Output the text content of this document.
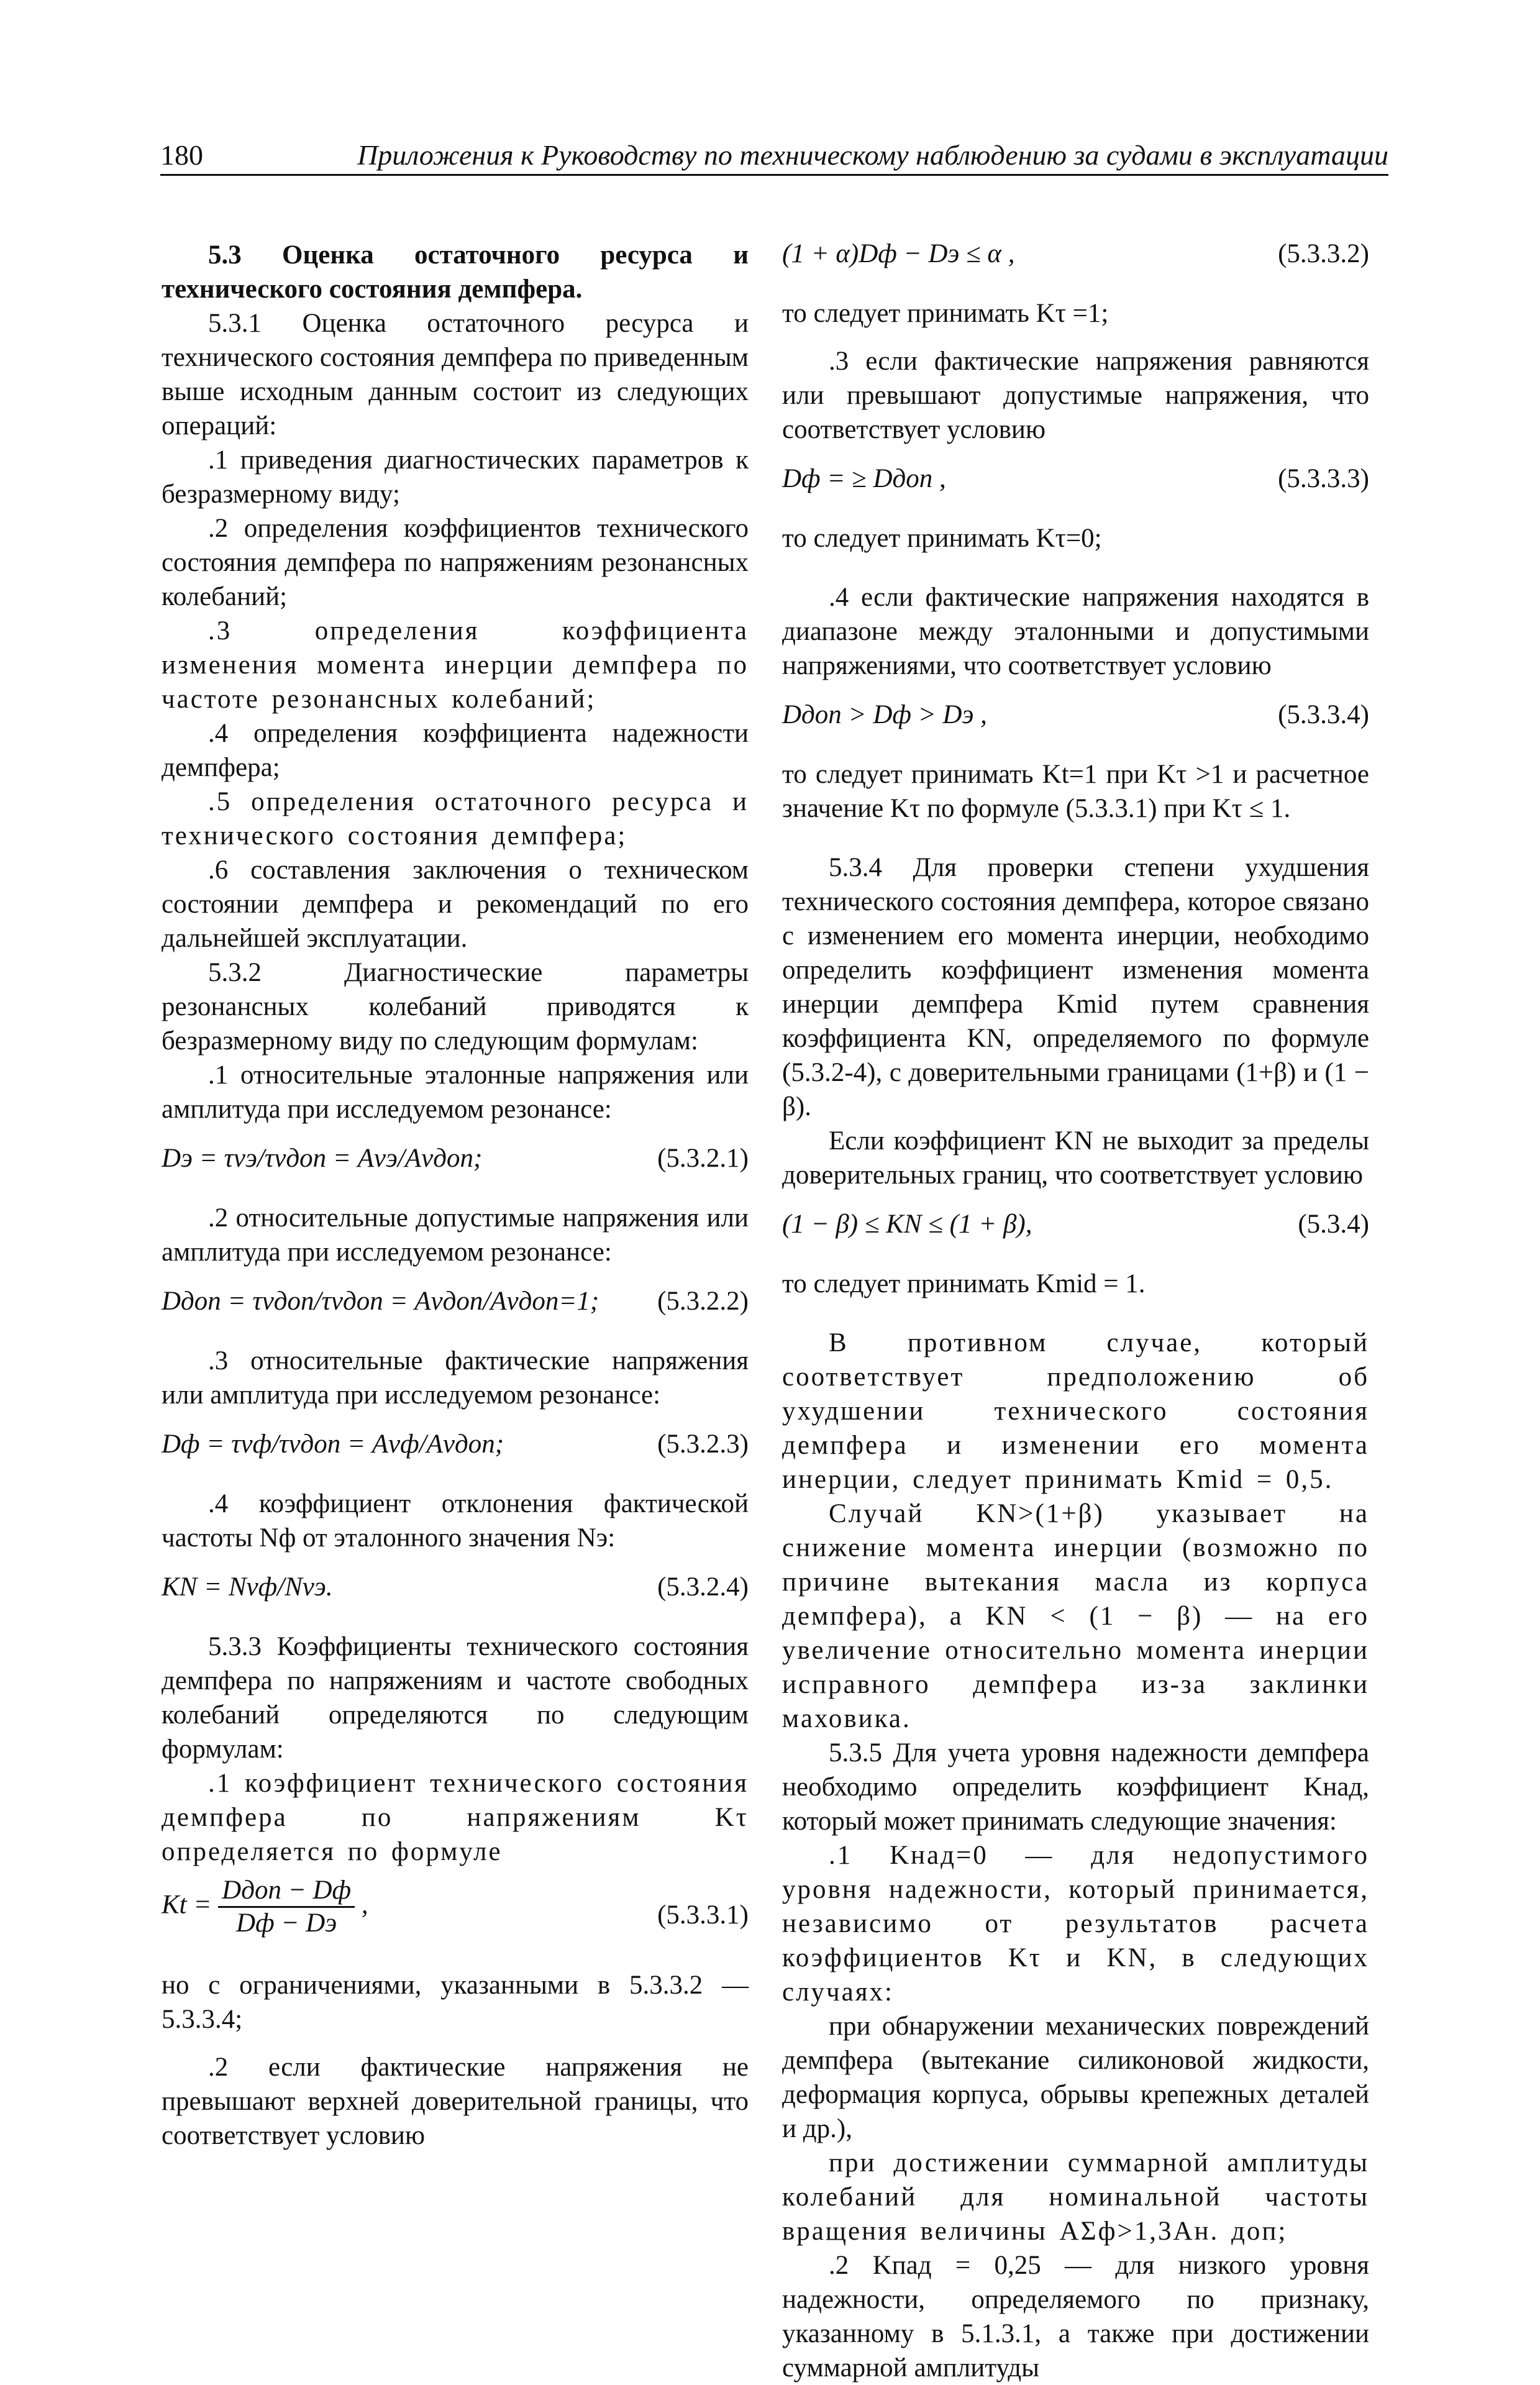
180	Приложения к Руководству по техническому наблюдению за судами в эксплуатации

5.3 Оценка остаточного ресурса и технического состояния демпфера.

5.3.1 Оценка остаточного ресурса и технического состояния демпфера по приведенным выше исходным данным состоит из следующих операций:

.1 приведения диагностических параметров к безразмерному виду;

.2 определения коэффициентов технического состояния демпфера по напряжениям резонансных колебаний;

.3 определения коэффициента изменения момента инерции демпфера по частоте резонансных колебаний;

.4 определения коэффициента надежности демпфера;

.5 определения остаточного ресурса и технического состояния демпфера;

.6 составления заключения о техническом состоянии демпфера и рекомендаций по его дальнейшей эксплуатации.

5.3.2 Диагностические параметры резонансных колебаний приводятся к безразмерному виду по следующим формулам:

.1 относительные эталонные напряжения или амплитуда при исследуемом резонансе:

Dэ = τνэ/τνдоп = Aνэ/Aνдоп;	(5.3.2.1)

.2 относительные допустимые напряжения или амплитуда при исследуемом резонансе:

Dдоп = τνдоп/τνдоп = Aνдоп/Aνдоп=1; (5.3.2.2)

.3 относительные фактические напряжения или амплитуда при исследуемом резонансе:

Dф = τνф/τνдоп = Aνф/Aνдоп;	(5.3.2.3)

.4 коэффициент отклонения фактической частоты Nф от эталонного значения Nэ:

KN = Nνф/Nνэ.	(5.3.2.4)

5.3.3 Коэффициенты технического состояния демпфера по напряжениям и частоте свободных колебаний определяются по следующим формулам:

.1 коэффициент технического состояния демпфера по напряжениям Kτ определяется по формуле

$Kt = \frac{\text{Dдоп − Dф}}{Dф - Dэ}$ ,	(5.3.3.1)

но с ограничениями, указанными в 5.3.3.2 — 5.3.3.4;

.2 если фактические напряжения не превышают верхней доверительной границы, что соответствует условию

(1 + α)Dф − Dэ ≤ α ,	(5.3.3.2)

то следует принимать Kτ =1;

.3 если фактические напряжения равняются или превышают допустимые напряжения, что соответствует условию

Dф = ≥ Dдоп ,	(5.3.3.3)

то следует принимать Kτ=0;

.4 если фактические напряжения находятся в диапазоне между эталонными и допустимыми напряжениями, что соответствует условию

Dдоп > Dф > Dэ ,	(5.3.3.4)

то следует принимать Kt=1 при Kτ >1 и расчетное значение Kτ по формуле (5.3.3.1) при Kτ ≤ 1.

5.3.4 Для проверки степени ухудшения технического состояния демпфера, которое связано с изменением его момента инерции, необходимо определить коэффициент изменения момента инерции демпфера Kmid путем сравнения коэффициента KN, определяемого по формуле (5.3.2-4), с доверительными границами (1+β) и (1 − β).

Если коэффициент KN не выходит за пределы доверительных границ, что соответствует условию

(1 − β) ≤ KN ≤ (1 + β),	(5.3.4)

то следует принимать Kmid = 1.

В противном случае, который соответствует предположению об ухудшении технического состояния демпфера и изменении его момента инерции, следует принимать Kmid = 0,5.

Случай KN>(1+β) указывает на снижение момента инерции (возможно по причине вытекания масла из корпуса демпфера), а KN < (1 − β) — на его увеличение относительно момента инерции исправного демпфера из-за заклинки маховика.

5.3.5 Для учета уровня надежности демпфера необходимо определить коэффициент Kнад, который может принимать следующие значения:

.1 Kнад=0 — для недопустимого уровня надежности, который принимается, независимо от результатов расчета коэффициентов Kτ и KN, в следующих случаях:

при обнаружении механических повреждений демпфера (вытекание силиконовой жидкости, деформация корпуса, обрывы крепежных деталей и др.),

при достижении суммарной амплитуды колебаний для номинальной частоты вращения величины AΣф>1,3Aн. доп;

.2 Kпад = 0,25 — для низкого уровня надежности, определяемого по признаку, указанному в 5.1.3.1, а также при достижении суммарной амплитуды
